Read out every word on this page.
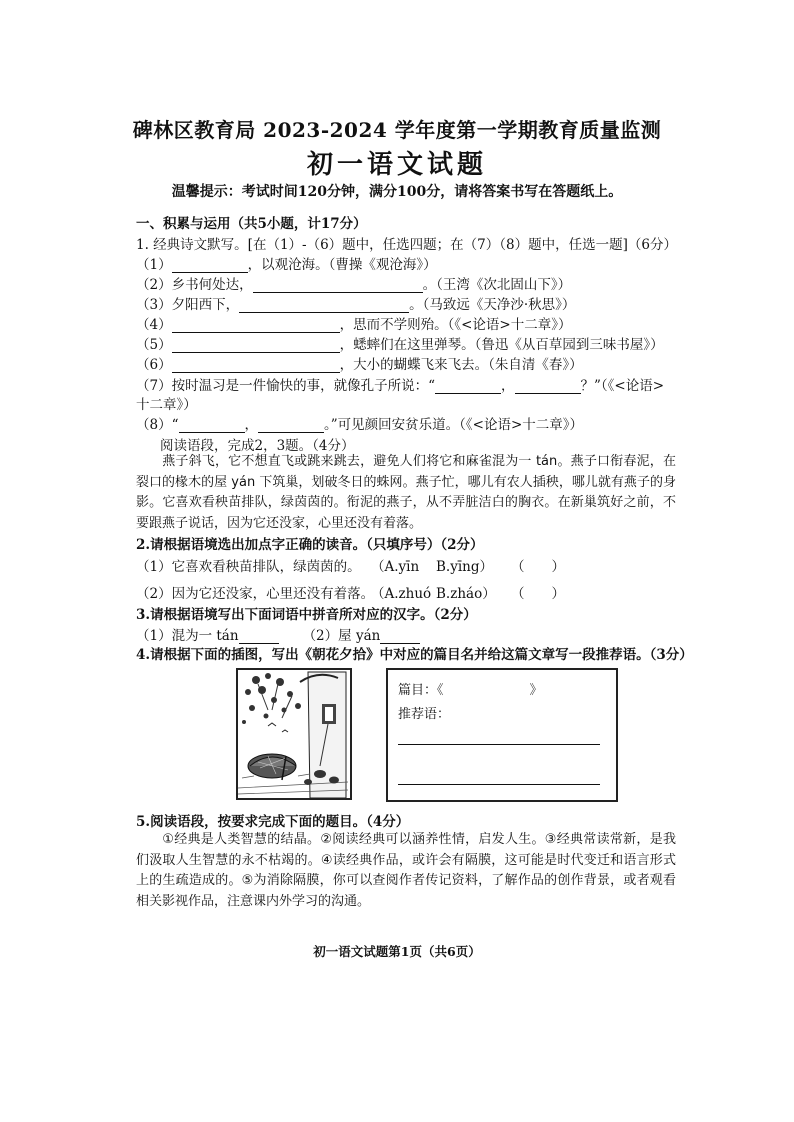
碑林区教育局 2023-2024 学年度第一学期教育质量监测
初一语文试题
温馨提示：考试时间120分钟，满分100分，请将答案书写在答题纸上。
一、积累与运用（共5小题，计17分）
1. 经典诗文默写。[在（1）-（6）题中，任选四题；在（7）（8）题中，任选一题]（6分）
（1）	，以观沧海。（曹操《观沧海》）
（2）乡书何处达，	。（王湾《次北固山下》）
（3）夕阳西下，	。（马致远《天净沙·秋思》）
（4）	，思而不学则殆。（《<论语>十二章》）
（5）	，蟋蟀们在这里弹琴。（鲁迅《从百草园到三味书屋》）
（6）	，大小的蝴蝶飞来飞去。（朱自清《春》）
（7）按时温习是一件愉快的事，就像孔子所说：“	，	？”（《<论语>
十二章》）
（8）“	，	。”可见颜回安贫乐道。（《<论语>十二章》）
阅读语段，完成2，3题。（4分）
燕子斜飞，它不想直飞或跳来跳去，避免人们将它和麻雀混为一 tán。燕子口衔春泥，在裂口的椽木的屋 yán 下筑巢，划破冬日的蛛网。燕子忙，哪儿有农人插秧，哪儿就有燕子的身影。它喜欢看秧苗排队，绿茵茵的。衔泥的燕子，从不弄脏洁白的胸衣。在新巢筑好之前，不要跟燕子说话，因为它还没家，心里还没有着落。
2.请根据语境选出加点字正确的读音。（只填序号）（2分）
（1）它喜欢看秧苗排队，绿茵茵的。 （A.yīn B.yīng） （　　）
（2）因为它还没家，心里还没有着落。
（A.zhuó B.zháo） （　　）
3.请根据语境写出下面词语中拼音所对应的汉字。（2分）
（1）混为一 tán	（2）屋 yán
4.请根据下面的插图，写出《朝花夕拾》中对应的篇目名并给这篇文章写一段推荐语。（3分）
篇目：《	》
推荐语：
5.阅读语段，按要求完成下面的题目。（4分）
①经典是人类智慧的结晶。②阅读经典可以涵养性情，启发人生。③经典常读常新，是我们汲取人生智慧的永不枯竭的。④读经典作品，或许会有隔膜，这可能是时代变迁和语言形式上的生疏造成的。⑤为消除隔膜，你可以查阅作者传记资料，了解作品的创作背景，或者观看相关影视作品，注意课内外学习的沟通。
初一语文试题第1页（共6页）
